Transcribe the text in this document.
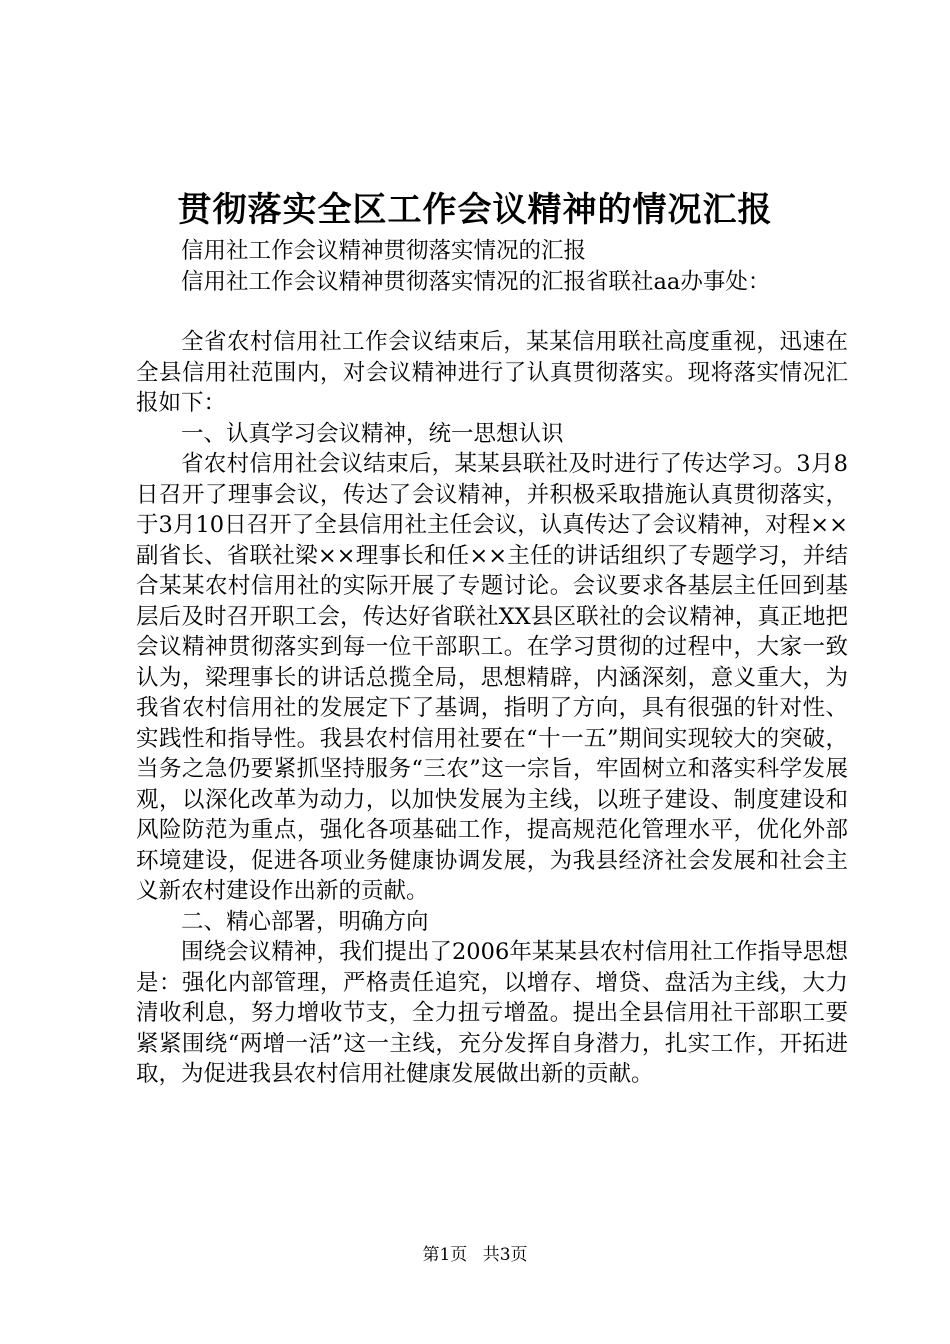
贯彻落实全区工作会议精神的情况汇报

信用社工作会议精神贯彻落实情况的汇报

信用社工作会议精神贯彻落实情况的汇报省联社aa办事处：

全省农村信用社工作会议结束后，某某信用联社高度重视，迅速在全县信用社范围内，对会议精神进行了认真贯彻落实。现将落实情况汇报如下：

一、认真学习会议精神，统一思想认识

省农村信用社会议结束后，某某县联社及时进行了传达学习。3月8日召开了理事会议，传达了会议精神，并积极采取措施认真贯彻落实，于3月10日召开了全县信用社主任会议，认真传达了会议精神，对程××副省长、省联社梁××理事长和任××主任的讲话组织了专题学习，并结合某某农村信用社的实际开展了专题讨论。会议要求各基层主任回到基层后及时召开职工会，传达好省联社XX县区联社的会议精神，真正地把会议精神贯彻落实到每一位干部职工。在学习贯彻的过程中，大家一致认为，梁理事长的讲话总揽全局，思想精辟，内涵深刻，意义重大，为我省农村信用社的发展定下了基调，指明了方向，具有很强的针对性、实践性和指导性。我县农村信用社要在“十一五”期间实现较大的突破，当务之急仍要紧抓坚持服务“三农”这一宗旨，牢固树立和落实科学发展观，以深化改革为动力，以加快发展为主线，以班子建设、制度建设和风险防范为重点，强化各项基础工作，提高规范化管理水平，优化外部环境建设，促进各项业务健康协调发展，为我县经济社会发展和社会主义新农村建设作出新的贡献。

二、精心部署，明确方向

围绕会议精神，我们提出了2006年某某县农村信用社工作指导思想是：强化内部管理，严格责任追究，以增存、增贷、盘活为主线，大力清收利息，努力增收节支，全力扭亏增盈。提出全县信用社干部职工要紧紧围绕“两增一活”这一主线，充分发挥自身潜力，扎实工作，开拓进取，为促进我县农村信用社健康发展做出新的贡献。

第1页 共3页
